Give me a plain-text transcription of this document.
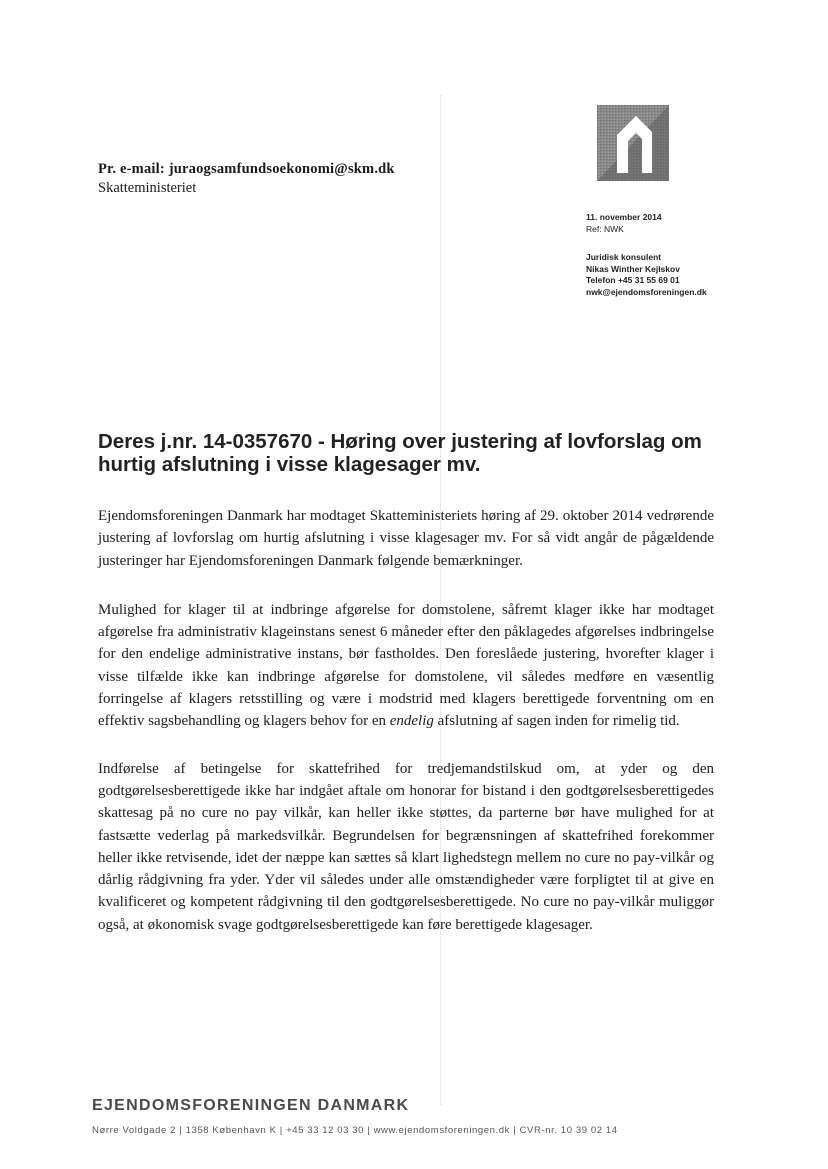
Pr. e-mail: juraogsamfundsoekonomi@skm.dk
Skatteministeriet
11. november 2014
Ref: NWK
Juridisk konsulent
Nikas Winther Kejlskov
Telefon +45 31 55 69 01
nwk@ejendomsforeningen.dk
Deres j.nr. 14-0357670 - Høring over justering af lovforslag om hurtig afslutning i visse klagesager mv.

Ejendomsforeningen Danmark har modtaget Skatteministeriets høring af 29. oktober 2014 vedrørende justering af lovforslag om hurtig afslutning i visse klagesager mv. For så vidt angår de pågældende justeringer har Ejendomsforeningen Danmark følgende bemærkninger.

Mulighed for klager til at indbringe afgørelse for domstolene, såfremt klager ikke har modtaget afgørelse fra administrativ klageinstans senest 6 måneder efter den påklagedes afgørelses indbringelse for den endelige administrative instans, bør fastholdes. Den foreslåede justering, hvorefter klager i visse tilfælde ikke kan indbringe afgørelse for domstolene, vil således medføre en væsentlig forringelse af klagers retsstilling og være i modstrid med klagers berettigede forventning om en effektiv sagsbehandling og klagers behov for en endelig afslutning af sagen inden for rimelig tid.

Indførelse af betingelse for skattefrihed for tredjemandstilskud om, at yder og den godtgørelsesberettigede ikke har indgået aftale om honorar for bistand i den godtgørelsesberettigedes skattesag på no cure no pay vilkår, kan heller ikke støttes, da parterne bør have mulighed for at fastsætte vederlag på markedsvilkår. Begrundelsen for begrænsningen af skattefrihed forekommer heller ikke retvisende, idet der næppe kan sættes så klart lighedstegn mellem no cure no pay-vilkår og dårlig rådgivning fra yder. Yder vil således under alle omstændigheder være forpligtet til at give en kvalificeret og kompetent rådgivning til den godtgørelsesberettigede. No cure no pay-vilkår muliggør også, at økonomisk svage godtgørelsesberettigede kan føre berettigede klagesager.

EJENDOMSFORENINGEN DANMARK
Nørre Voldgade 2 | 1358 København K | +45 33 12 03 30 | www.ejendomsforeningen.dk | CVR-nr. 10 39 02 14
